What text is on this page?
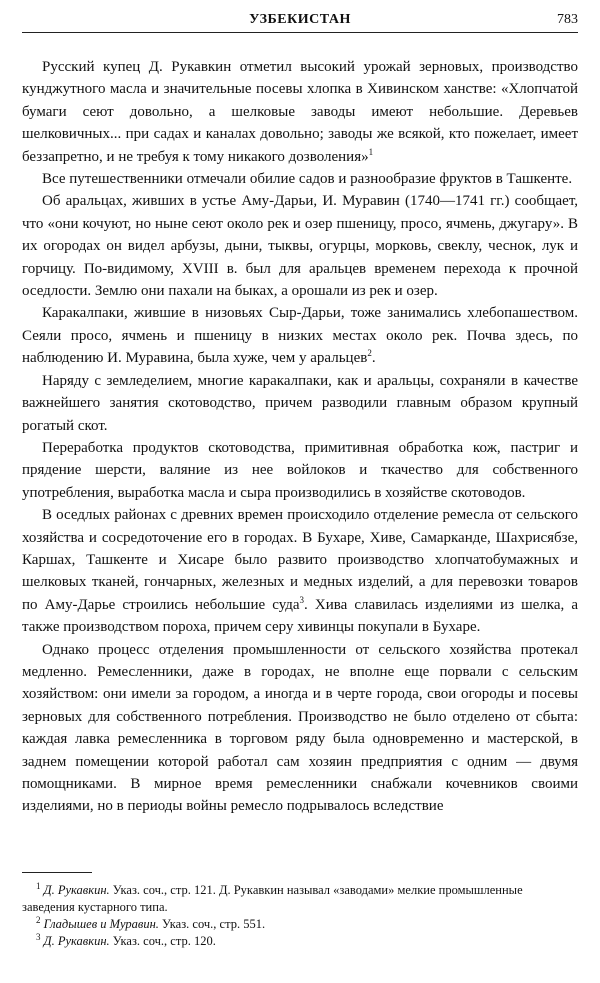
УЗБЕКИСТАН	783

Русский купец Д. Рукавкин отметил высокий урожай зерновых, производство кунджутного масла и значительные посевы хлопка в Хивинском ханстве: «Хлопчатой бумаги сеют довольно, а шелковые заводы имеют небольшие. Деревьев шелковичных... при садах и каналах довольно; заводы же всякой, кто пожелает, имеет беззапретно, и не требуя к тому никакого дозволения»$^1$

Все путешественники отмечали обилие садов и разнообразие фруктов в Ташкенте.

Об аральцах, живших в устье Аму-Дарьи, И. Муравин (1740—1741 гг.) сообщает, что «они кочуют, но ныне сеют около рек и озер пшеницу, просо, ячмень, джугару». В их огородах он видел арбузы, дыни, тыквы, огурцы, морковь, свеклу, чеснок, лук и горчицу. По-видимому, XVIII в. был для аральцев временем перехода к прочной оседлости. Землю они пахали на быках, а орошали из рек и озер.

Каракалпаки, жившие в низовьях Сыр-Дарьи, тоже занимались хлебопашеством. Сеяли просо, ячмень и пшеницу в низких местах около рек. Почва здесь, по наблюдению И. Муравина, была хуже, чем у аральцев$^2$.

Наряду с земледелием, многие каракалпаки, как и аральцы, сохраняли в качестве важнейшего занятия скотоводство, причем разводили главным образом крупный рогатый скот.

Переработка продуктов скотоводства, примитивная обработка кож, пастриг и прядение шерсти, валяние из нее войлоков и ткачество для собственного употребления, выработка масла и сыра производились в хозяйстве скотоводов.

В оседлых районах с древних времен происходило отделение ремесла от сельского хозяйства и сосредоточение его в городах. В Бухаре, Хиве, Самарканде, Шахрисябзе, Каршах, Ташкенте и Хисаре было развито производство хлопчатобумажных и шелковых тканей, гончарных, железных и медных изделий, а для перевозки товаров по Аму-Дарье строились небольшие суда$^3$. Хива славилась изделиями из шелка, а также производством пороха, причем серу хивинцы покупали в Бухаре.

Однако процесс отделения промышленности от сельского хозяйства протекал медленно. Ремесленники, даже в городах, не вполне еще порвали с сельским хозяйством: они имели за городом, а иногда и в черте города, свои огороды и посевы зерновых для собственного потребления. Производство не было отделено от сбыта: каждая лавка ремесленника в торговом ряду была одновременно и мастерской, в заднем помещении которой работал сам хозяин предприятия с одним — двумя помощниками. В мирное время ремесленники снабжали кочевников своими изделиями, но в периоды войны ремесло подрывалось вследствие

$^1$ Д. Рукавкин. Указ. соч., стр. 121. Д. Рукавкин называл «заводами» мелкие промышленные заведения кустарного типа.

$^2$ Гладышев и Муравин. Указ. соч., стр. 551.

$^3$ Д. Рукавкин. Указ. соч., стр. 120.
